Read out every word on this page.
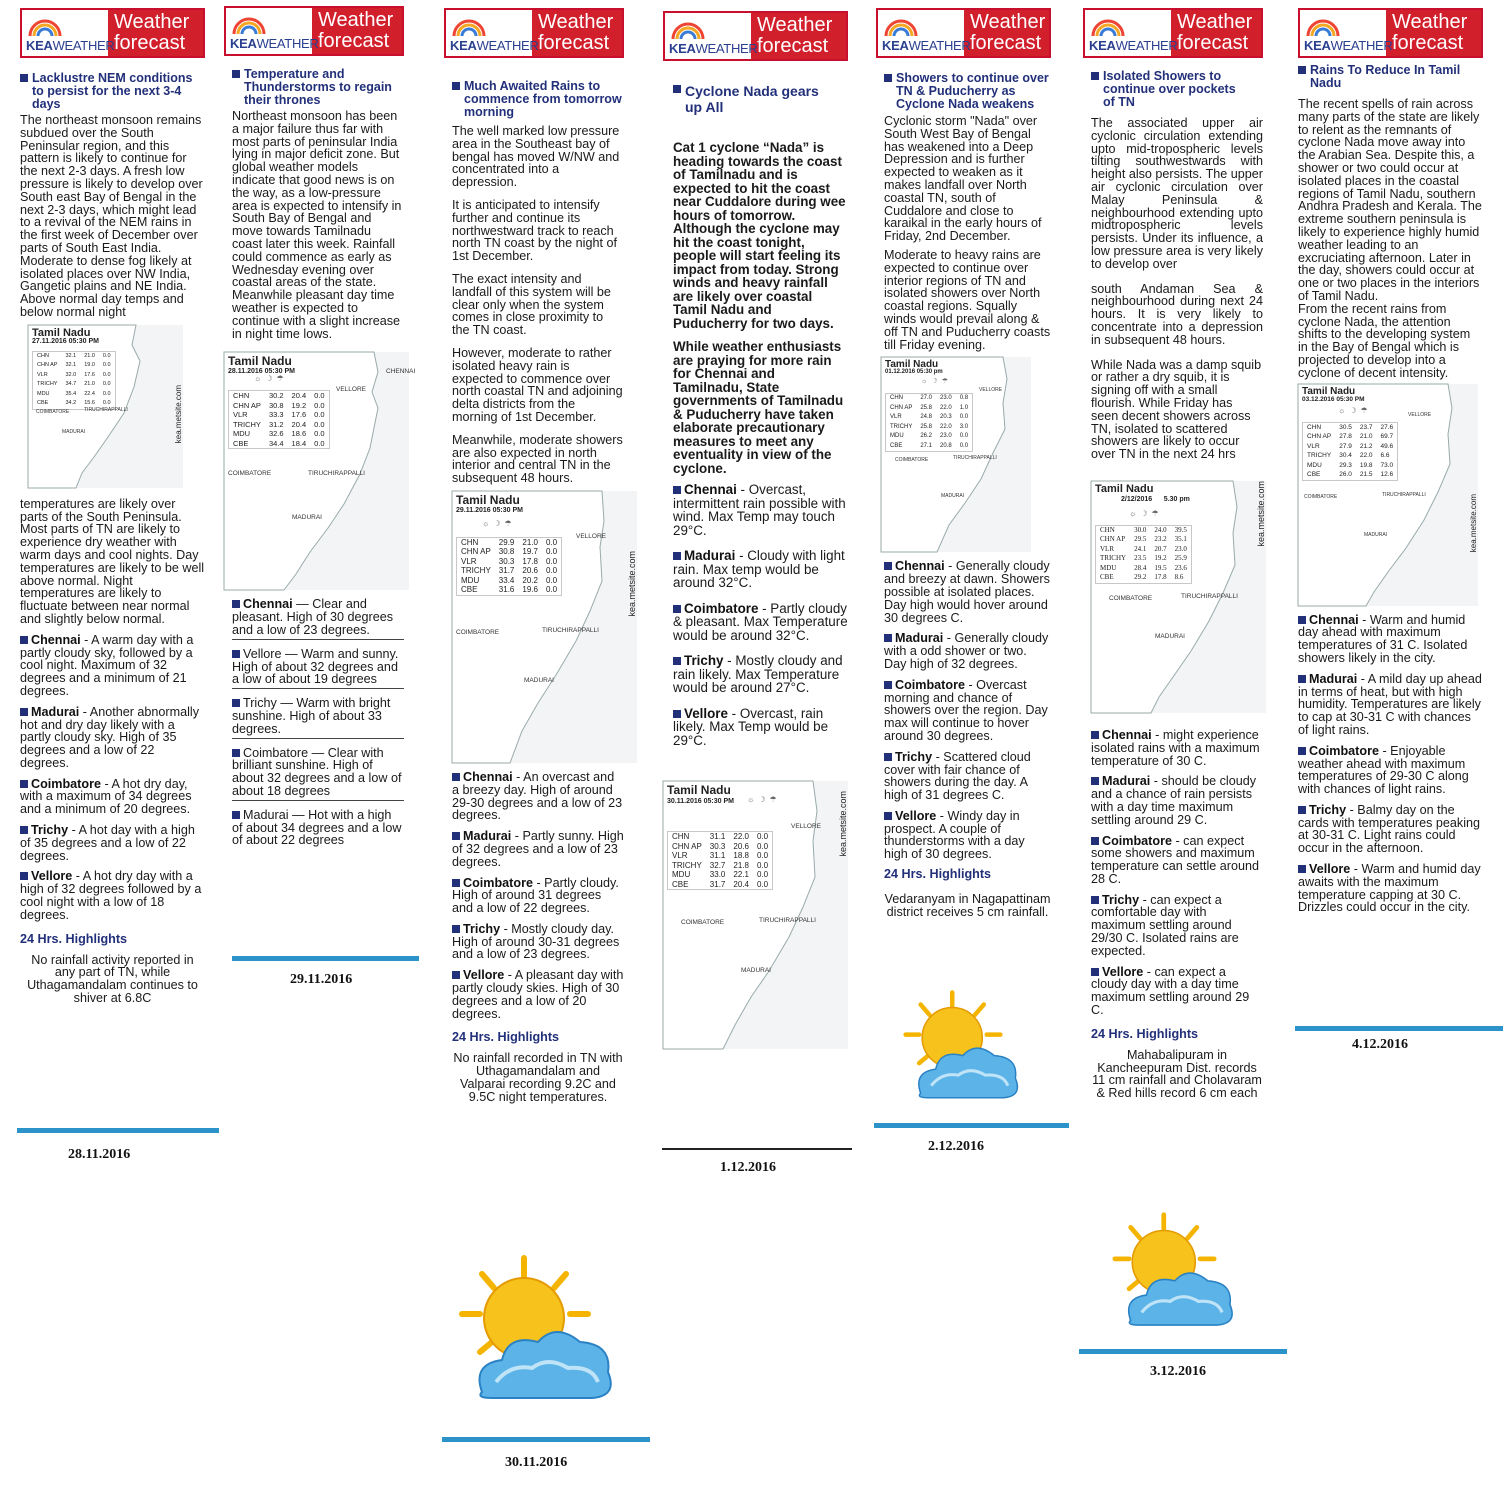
KEAWEATHER
Weather
forecast
Lacklustre NEM conditions to persist for the next 3-4 days
The northeast monsoon remains subdued over the South Peninsular region, and this pattern is likely to continue for the next 2-3 days. A fresh low pressure is likely to develop over South east Bay of Bengal in the next 2-3 days, which might lead to a revival of the NEM rains in the first week of December over parts of South East India. Moderate to dense fog likely at isolated places over NW India, Gangetic plains and NE India. Above normal day temps and below normal night
Tamil Nadu
27.11.2016 05:30 PM
CHN	32.1	21.0	0.0
CHN AP	32.1	19.0	0.0
VLR	32.0	17.6	0.0
TRICHY	34.7	21.0	0.0
MDU	35.4	22.4	0.0
CBE	34.2	15.6	0.0
COIMBATORE	TIRUCHIRAPPALLI
MADURAI	kea.metsite.com
temperatures are likely over parts of the South Peninsula. Most parts of TN are likely to experience dry weather with warm days and cool nights. Day temperatures are likely to be well above normal. Night temperatures are likely to fluctuate between near normal and slightly below normal.
Chennai - A warm day with a partly cloudy sky, followed by a cool night. Maximum of 32 degrees and a minimum of 21 degrees.
Madurai - Another abnormally hot and dry day likely with a partly cloudy sky. High of 35 degrees and a low of 22 degrees.
Coimbatore - A hot dry day, with a maximum of 34 degrees and a minimum of 20 degrees.
Trichy - A hot day with a high of 35 degrees and a low of 22 degrees.
Vellore - A hot dry day with a high of 32 degrees followed by a cool night with a low of 18 degrees.
24 Hrs. Highlights
No rainfall activity reported in any part of TN, while Uthagamandalam continues to shiver at 6.8C
28.11.2016
KEAWEATHER
Weather
forecast
Temperature and Thunderstorms to regain their thrones
Northeast monsoon has been a major failure thus far with most parts of peninsular India lying in major deficit zone. But global weather models indicate that good news is on the way, as a low-pressure area is expected to intensify in South Bay of Bengal and move towards Tamilnadu coast later this week. Rainfall could commence as early as Wednesday evening over coastal areas of the state. Meanwhile pleasant day time weather is expected to continue with a slight increase in night time lows.
Tamil Nadu
28.11.2016 05:30 PM
☼☽☂
CHN	30.2	20.4	0.0
CHN AP	30.8	19.2	0.0
VLR	33.3	17.6	0.0
TRICHY	31.2	20.4	0.0
MDU	32.6	18.6	0.0
CBE	34.4	18.4	0.0
VELLORE
CHENNAI
COIMBATORE	TIRUCHIRAPPALLI
MADURAI
Chennai — Clear and pleasant. High of 30 degrees and a low of 23 degrees.
Vellore — Warm and sunny. High of about 32 degrees and a low of about 19 degrees
Trichy — Warm with bright sunshine. High of about 33 degrees.
Coimbatore — Clear with brilliant sunshine. High of about 32 degrees and a low of about 18 degrees
Madurai — Hot with a high of about 34 degrees and a low of about 22 degrees
29.11.2016
KEAWEATHER
Weather
forecast
Much Awaited Rains to commence from tomorrow morning
The well marked low pressure area in the Southeast bay of bengal has moved W/NW and concentrated into a depression.
It is anticipated to intensify further and continue its northwestward track to reach north TN coast by the night of 1st December.
The exact intensity and landfall of this system will be clear only when the system comes in close proximity to the TN coast.
However, moderate to rather isolated heavy rain is expected to commence over north coastal TN and adjoining delta districts from the morning of 1st December.
Meanwhile, moderate showers are also expected in north interior and central TN in the subsequent 48 hours.
Tamil Nadu
29.11.2016 05:30 PM
☼☽☂
CHN	29.9	21.0	0.0
CHN AP	30.8	19.7	0.0
VLR	30.3	17.8	0.0
TRICHY	31.7	20.6	0.0
MDU	33.4	20.2	0.0
CBE	31.6	19.6	0.0
VELLORE
COIMBATORE	TIRUCHIRAPPALLI
MADURAI
kea.metsite.com
Chennai - An overcast and a breezy day. High of around 29-30 degrees and a low of 23 degrees.
Madurai - Partly sunny. High of 32 degrees and a low of 23 degrees.
Coimbatore - Partly cloudy. High of around 31 degrees and a low of 22 degrees.
Trichy - Mostly cloudy day. High of around 30-31 degrees and a low of 23 degrees.
Vellore - A pleasant day with partly cloudy skies. High of 30 degrees and a low of 20 degrees.
24 Hrs. Highlights
No rainfall recorded in TN with Uthagamandalam and Valparai recording 9.2C and 9.5C night temperatures.
30.11.2016
KEAWEATHER
Weather
forecast
Cyclone Nada gears up All
Cat 1 cyclone “Nada” is heading towards the coast of Tamilnadu and is expected to hit the coast near Cuddalore during wee hours of tomorrow. Although the cyclone may hit the coast tonight, people will start feeling its impact from today. Strong winds and heavy rainfall are likely over coastal Tamil Nadu and Puducherry for two days.
While weather enthusiasts are praying for more rain for Chennai and Tamilnadu, State governments of Tamilnadu & Puducherry have taken elaborate precautionary measures to meet any eventuality in view of the cyclone.
Chennai - Overcast, intermittent rain possible with wind. Max Temp may touch 29°C.
Madurai - Cloudy with light rain. Max temp would be around 32°C.
Coimbatore - Partly cloudy & pleasant. Max Temperature would be around 32°C.
Trichy - Mostly cloudy and rain likely. Max Temperature would be around 27°C.
Vellore - Overcast, rain likely. Max Temp would be 29°C.
Tamil Nadu
30.11.2016 05:30 PM ☼☽☂
CHN	31.1	22.0	0.0
CHN AP	30.3	20.6	0.0
VLR	31.1	18.8	0.0
TRICHY	32.7	21.8	0.0
MDU	33.0	22.1	0.0
CBE	31.7	20.4	0.0
VELLORE
COIMBATORE	TIRUCHIRAPPALLI
MADURAI
kea.metsite.com
1.12.2016
KEAWEATHER
Weather
forecast
Showers to continue over TN & Puducherry as Cyclone Nada weakens
Cyclonic storm "Nada" over South West Bay of Bengal has weakened into a Deep Depression and is further expected to weaken as it makes landfall over North coastal TN, south of Cuddalore and close to karaikal in the early hours of Friday, 2nd December.
Moderate to heavy rains are expected to continue over interior regions of TN and isolated showers over North coastal regions. Squally winds would prevail along & off TN and Puducherry coasts till Friday evening.
Tamil Nadu
01.12.2016 05:30 pm
☼☽☂
CHN	27.0	23.0	0.8
CHN AP	25.8	22.0	1.0
VLR	24.8	20.3	0.0
TRICHY	25.8	22.0	3.0
MDU	26.2	23.0	0.0
CBE	27.1	20.8	0.0
VELLORE
COIMBATORE	TIRUCHIRAPPALLI
MADURAI
Chennai - Generally cloudy and breezy at dawn. Showers possible at isolated places. Day high would hover around 30 degrees C.
Madurai - Generally cloudy with a odd shower or two. Day high of 32 degrees.
Coimbatore - Overcast morning and chance of showers over the region. Day max will continue to hover around 30 degrees.
Trichy - Scattered cloud cover with fair chance of showers during the day. A high of 31 degrees C.
Vellore - Windy day in prospect. A couple of thunderstorms with a day high of 30 degrees.
24 Hrs. Highlights
Vedaranyam in Nagapattinam district receives 5 cm rainfall.
2.12.2016
KEAWEATHER
Weather
forecast
Isolated Showers to continue over pockets of TN
The associated upper air cyclonic circulation extending upto mid-tropospheric levels tilting southwestwards with height also persists. The upper air cyclonic circulation over Malay Peninsula & neighbourhood extending upto midtropospheric levels persists. Under its influence, a low pressure area is very likely to develop over
south Andaman Sea & neighbourhood during next 24 hours. It is very likely to concentrate into a depression in subsequent 48 hours.
While Nada was a damp squib or rather a dry squib, it is signing off with a small flourish. While Friday has seen decent showers across TN, isolated to scattered showers are likely to occur over TN in the next 24 hrs
Tamil Nadu
2/12/2016      5.30 pm
☼☽☂
CHN	30.0	24.0	39.5
CHN AP	29.5	23.2	35.1
VLR	24.1	20.7	23.0
TRICHY	23.5	19.2	25.9
MDU	28.4	19.5	23.6
CBE	29.2	17.8	8.6
COIMBATORE	TIRUCHIRAPPALLI
MADURAI
kea.metsite.com
Chennai - might experience isolated rains with a maximum temperature of 30 C.
Madurai - should be cloudy and a chance of rain persists with a day time maximum settling around 29 C.
Coimbatore - can expect some showers and maximum temperature can settle around 28 C.
Trichy - can expect a comfortable day with maximum settling around 29/30 C. Isolated rains are expected.
Vellore - can expect a cloudy day with a day time maximum settling around 29 C.
24 Hrs. Highlights
Mahabalipuram in Kancheepuram Dist. records 11 cm rainfall and Cholavaram & Red hills record 6 cm each
3.12.2016
KEAWEATHER
Weather
forecast
Rains To Reduce In Tamil Nadu
The recent spells of rain across many parts of the state are likely to relent as the remnants of cyclone Nada move away into the Arabian Sea. Despite this, a shower or two could occur at isolated places in the coastal regions of Tamil Nadu, southern Andhra Pradesh and Kerala. The extreme southern peninsula is likely to experience highly humid weather leading to an excruciating afternoon. Later in the day, showers could occur at one or two places in the interiors of Tamil Nadu.
From the recent rains from cyclone Nada, the attention shifts to the developing system in the Bay of Bengal which is projected to develop into a cyclone of decent intensity.
Tamil Nadu
03.12.2016 05:30 PM
☼☽☂
CHN	30.5	23.7	27.6
CHN AP	27.8	21.0	69.7
VLR	27.9	21.2	49.6
TRICHY	30.4	22.0	6.6
MDU	29.3	19.8	73.0
CBE	26.0	21.5	12.6
VELLORE
COIMBATORE	TIRUCHIRAPPALLI
MADURAI	kea.metsite.com
Chennai - Warm and humid day ahead with maximum temperatures of 31 C. Isolated showers likely in the city.
Madurai - A mild day up ahead in terms of heat, but with high humidity. Temperatures are likely to cap at 30-31 C with chances of light rains.
Coimbatore - Enjoyable weather ahead with maximum temperatures of 29-30 C along with chances of light rains.
Trichy - Balmy day on the cards with temperatures peaking at 30-31 C. Light rains could occur in the afternoon.
Vellore - Warm and humid day awaits with the maximum temperature capping at 30 C. Drizzles could occur in the city.
4.12.2016
